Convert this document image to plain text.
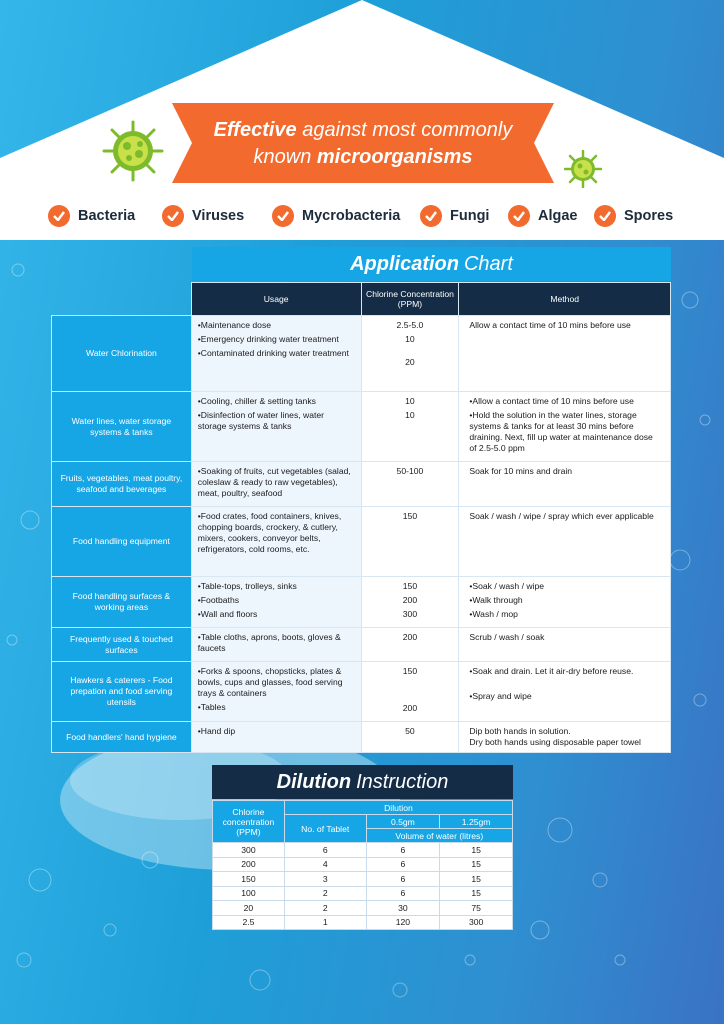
Effective against most commonly
known microorganisms
Bacteria	Viruses	Mycrobacteria	Fungi	Algae	Spores
Application Chart
	Usage	Chlorine Concentration (PPM)	Method
Water Chlorination	• Maintenance dose
• Emergency drinking water treatment
• Contaminated drinking water treatment	2.5-5.0
10
20	Allow a contact time of 10 mins before use

Water lines, water storage systems & tanks	• Cooling, chiller & setting tanks
• Disinfection of water lines, water storage systems & tanks	10
10	• Allow a contact time of 10 mins before use
• Hold the solution in the water lines, storage systems & tanks for at least 30 mins before draining. Next, fill up water at maintenance dose of 2.5-5.0 ppm

Fruits, vegetables, meat poultry, seafood and beverages	• Soaking of fruits, cut vegetables (salad, coleslaw & ready to raw vegetables), meat, poultry, seafood	50-100	Soak for 10 mins and drain

Food handling equipment	• Food crates, food containers, knives, chopping boards, crockery, & cutlery, mixers, cookers, conveyor belts, refrigerators, cold rooms, etc.	150	Soak / wash / wipe / spray which ever applicable

Food handling surfaces & working areas	• Table-tops, trolleys, sinks
• Footbaths
• Wall and floors	150
200
300	• Soak / wash / wipe
• Walk through
• Wash / mop

Frequently used & touched surfaces	• Table cloths, aprons, boots, gloves & faucets	200	Scrub / wash / soak

Hawkers & caterers - Food prepation and food serving utensils	• Forks & spoons, chopsticks, plates & bowls, cups and glasses, food serving trays & containers
• Tables	150
200	• Soak and drain. Let it air-dry before reuse.
• Spray and wipe

Food handlers' hand hygiene	• Hand dip	50	Dip both hands in solution.
Dry both hands using disposable paper towel
Dilution Instruction
Chlorine concentration (PPM)	Dilution		
	No. of Tablet	0.5gm	1.25gm
		Volume of water (litres)	
300	6	6	15
200	4	6	15
150	3	6	15
100	2	6	15
20	2	30	75
2.5	1	120	300
